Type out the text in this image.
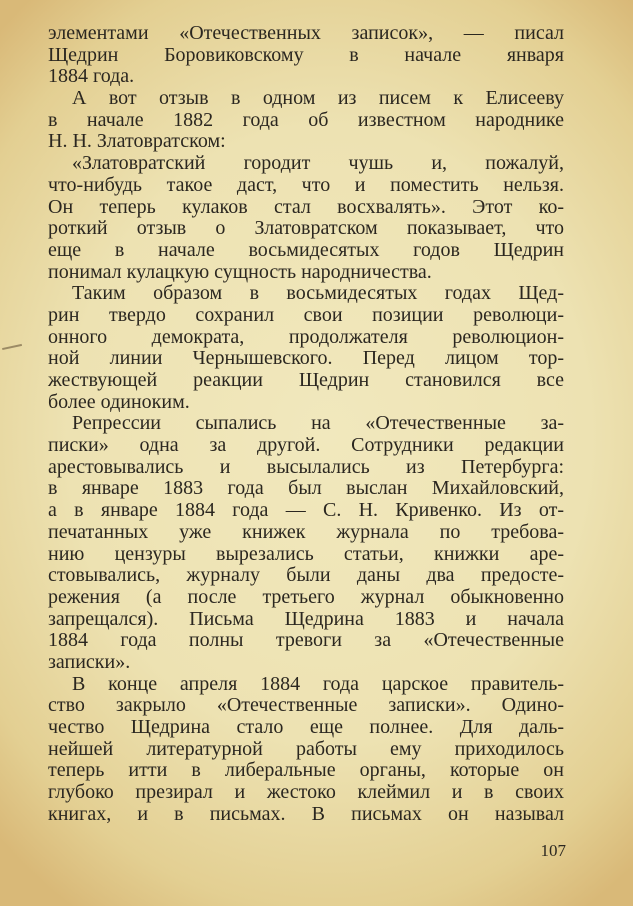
элементами «Отечественных записок», — писал
Щедрин Боровиковскому в начале января
1884 года.
А вот отзыв в одном из писем к Елисееву
в начале 1882 года об известном народнике
Н. Н. Златовратском:
«Златовратский городит чушь и, пожалуй,
что-нибудь такое даст, что и поместить нельзя.
Он теперь кулаков стал восхвалять». Этот ко-
роткий отзыв о Златовратском показывает, что
еще в начале восьмидесятых годов Щедрин
понимал кулацкую сущность народничества.
Таким образом в восьмидесятых годах Щед-
рин твердо сохранил свои позиции революци-
онного демократа, продолжателя революцион-
ной линии Чернышевского. Перед лицом тор-
жествующей реакции Щедрин становился все
более одиноким.
Репрессии сыпались на «Отечественные за-
писки» одна за другой. Сотрудники редакции
арестовывались и высылались из Петербурга:
в январе 1883 года был выслан Михайловский,
а в январе 1884 года — С. Н. Кривенко. Из от-
печатанных уже книжек журнала по требова-
нию цензуры вырезались статьи, книжки аре-
стовывались, журналу были даны два предосте-
режения (а после третьего журнал обыкновенно
запрещался). Письма Щедрина 1883 и начала
1884 года полны тревоги за «Отечественные
записки».
В конце апреля 1884 года царское правитель-
ство закрыло «Отечественные записки». Одино-
чество Щедрина стало еще полнее. Для даль-
нейшей литературной работы ему приходилось
теперь итти в либеральные органы, которые он
глубоко презирал и жестоко клеймил и в своих
книгах, и в письмах. В письмах он называл
107
